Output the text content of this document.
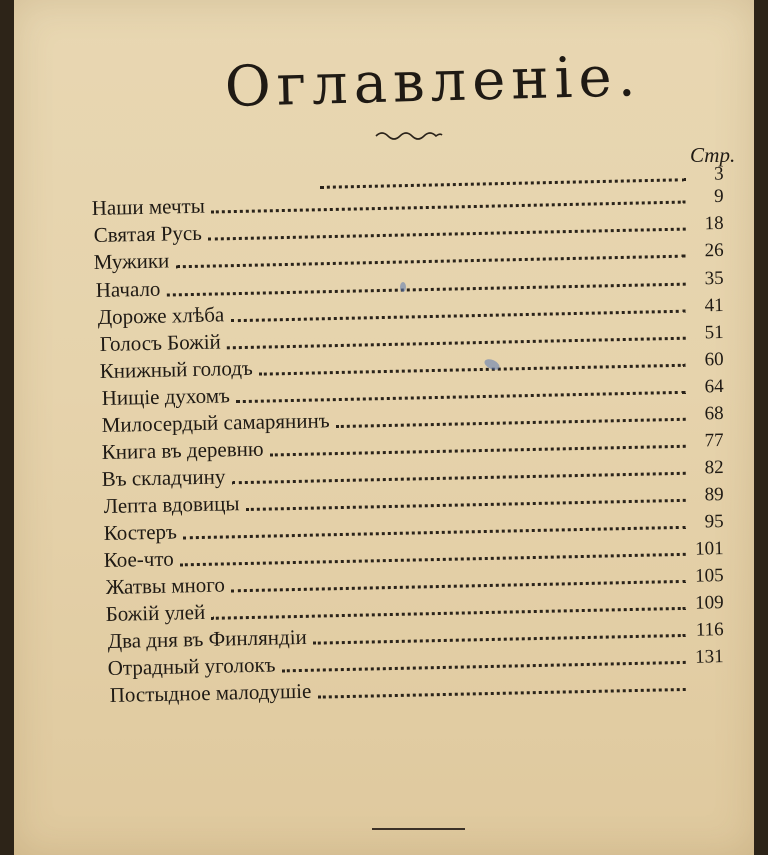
Оглавленіе.
Стр.
3
Наши мечты	9
Святая Русь	18
Мужики	26
Начало	35
Дороже хлѣба	41
Голосъ Божій	51
Книжный голодъ	60
Нищіе духомъ	64
Милосердый самарянинъ	68
Книга въ деревню	77
Въ складчину	82
Лепта вдовицы	89
Костеръ	95
Кое-что	101
Жатвы много	105
Божій улей	109
Два дня въ Финляндіи	116
Отрадный уголокъ	131
Постыдное малодушіе
